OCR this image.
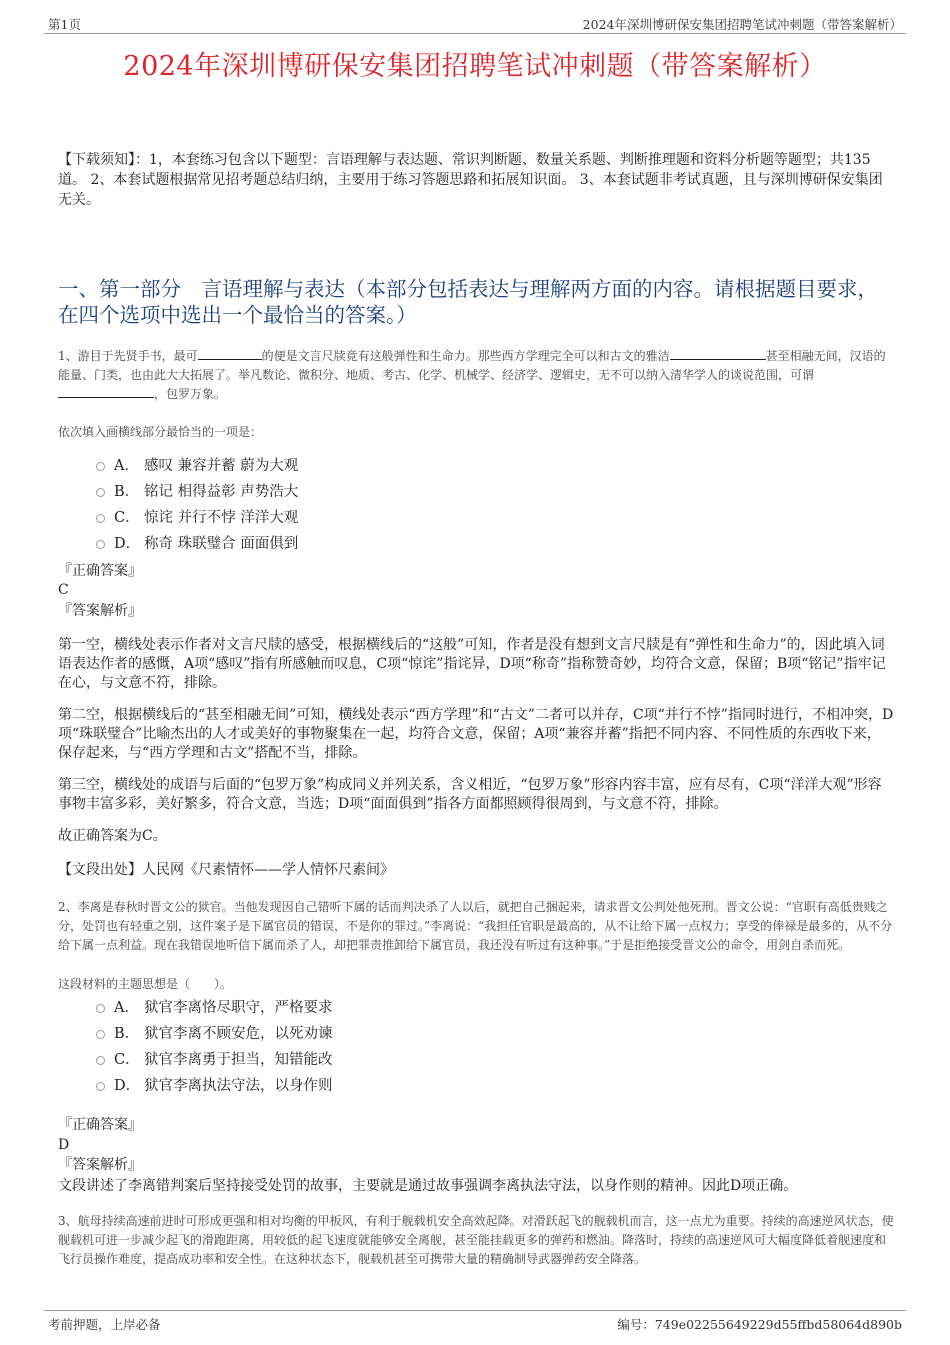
第1页	2024年深圳博研保安集团招聘笔试冲刺题（带答案解析）
2024年深圳博研保安集团招聘笔试冲刺题（带答案解析）
【下载须知】：1，本套练习包含以下题型：言语理解与表达题、常识判断题、数量关系题、判断推理题和资料分析题等题型；共135道。 2、本套试题根据常见招考题总结归纳，主要用于练习答题思路和拓展知识面。 3、本套试题非考试真题，且与深圳博研保安集团无关。
一、第一部分　言语理解与表达（本部分包括表达与理解两方面的内容。请根据题目要求，在四个选项中选出一个最恰当的答案。）
1、游目于先贤手书，最可	的便是文言尺牍竟有这般弹性和生命力。那些西方学理完全可以和古文的雅洁	甚至相融无间，汉语的能量、门类，也由此大大拓展了。举凡数论、微积分、地质、考古、化学、机械学、经济学、逻辑史，无不可以纳入清华学人的谈说范围，可谓，包罗万象。
依次填入画横线部分最恰当的一项是：
A． 感叹 兼容并蓄 蔚为大观
B． 铭记 相得益彰 声势浩大
C． 惊诧 并行不悖 洋洋大观
D． 称奇 珠联璧合 面面俱到
『正确答案』
C
『答案解析』
第一空，横线处表示作者对文言尺牍的感受，根据横线后的“这般”可知，作者是没有想到文言尺牍是有“弹性和生命力”的，因此填入词语表达作者的感慨，A项“感叹”指有所感触而叹息，C项“惊诧”指诧异，D项“称奇”指称赞奇妙，均符合文意，保留；B项“铭记”指牢记在心，与文意不符，排除。
第二空，根据横线后的“甚至相融无间”可知，横线处表示“西方学理”和“古文”二者可以并存，C项“并行不悖”指同时进行，不相冲突，D项“珠联璧合”比喻杰出的人才或美好的事物聚集在一起，均符合文意，保留；A项“兼容并蓄”指把不同内容、不同性质的东西收下来，保存起来，与“西方学理和古文”搭配不当，排除。
第三空，横线处的成语与后面的“包罗万象”构成同义并列关系，含义相近，“包罗万象”形容内容丰富，应有尽有，C项“洋洋大观”形容事物丰富多彩，美好繁多，符合文意，当选；D项“面面俱到”指各方面都照顾得很周到，与文意不符，排除。
故正确答案为C。
【文段出处】人民网《尺素情怀——学人情怀尺素间》
2、李离是春秋时晋文公的狱官。当他发现因自己错听下属的话而判决杀了人以后，就把自己捆起来，请求晋文公判处他死刑。晋文公说：“官职有高低贵贱之分，处罚也有轻重之别，这件案子是下属官员的错误，不是你的罪过。”李离说：“我担任官职是最高的，从不让给下属一点权力；享受的俸禄是最多的，从不分给下属一点利益。现在我错误地听信下属而杀了人，却把罪责推卸给下属官员，我还没有听过有这种事。”于是拒绝接受晋文公的命令，用剑自杀而死。
这段材料的主题思想是（　　）。
A． 狱官李离恪尽职守，严格要求
B． 狱官李离不顾安危，以死劝谏
C． 狱官李离勇于担当，知错能改
D． 狱官李离执法守法，以身作则
『正确答案』
D
『答案解析』
文段讲述了李离错判案后坚持接受处罚的故事，主要就是通过故事强调李离执法守法，以身作则的精神。因此D项正确。
3、航母持续高速前进时可形成更强和相对均衡的甲板风，有利于舰载机安全高效起降。对滑跃起飞的舰载机而言，这一点尤为重要。持续的高速逆风状态，使舰载机可进一步减少起飞的滑跑距离，用较低的起飞速度就能够安全离舰，甚至能挂载更多的弹药和燃油。降落时，持续的高速逆风可大幅度降低着舰速度和飞行员操作难度，提高成功率和安全性。在这种状态下，舰载机甚至可携带大量的精确制导武器弹药安全降落。
考前押题，上岸必备	编号：749e02255649229d55ffbd58064d890b
